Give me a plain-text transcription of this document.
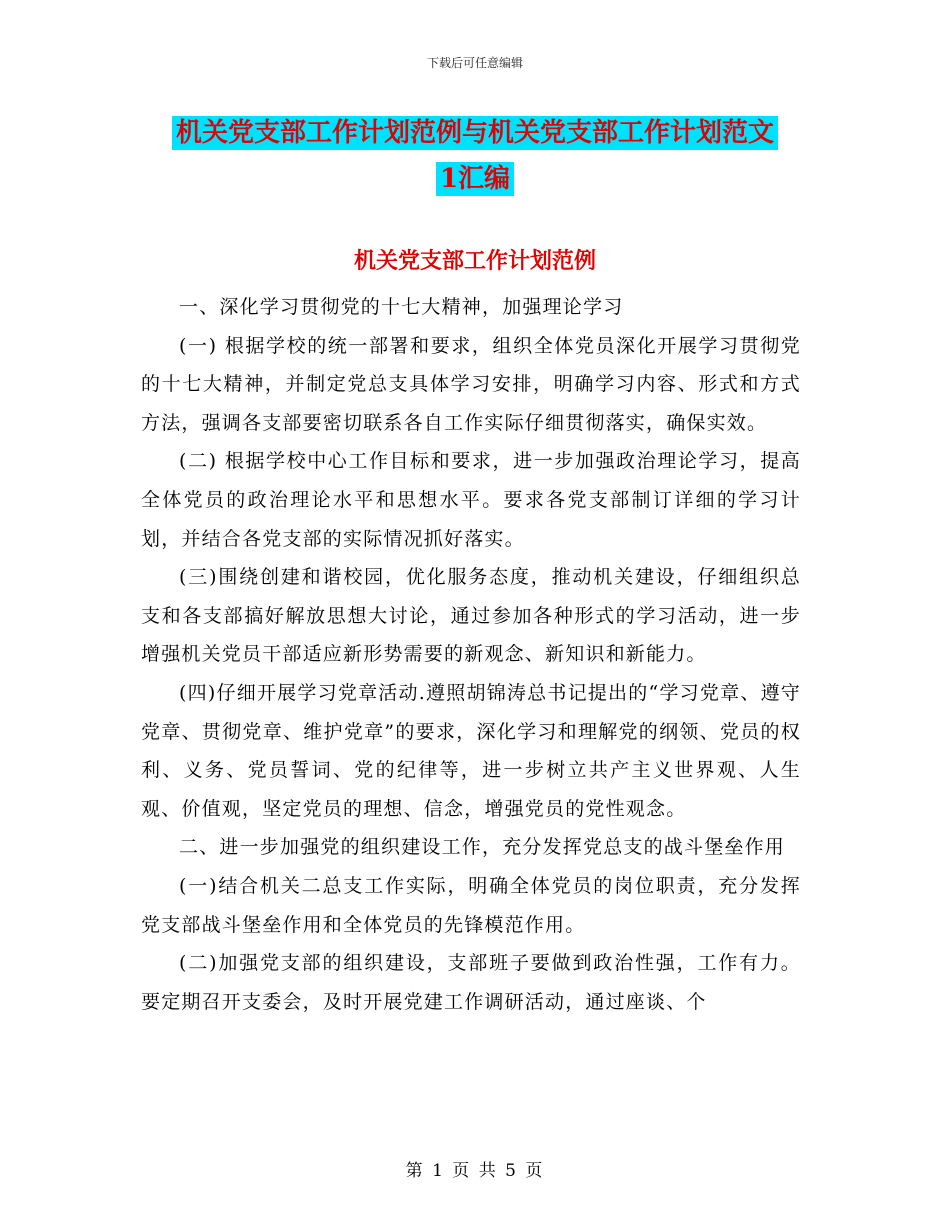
下载后可任意编辑
机关党支部工作计划范例与机关党支部工作计划范文
1汇编
机关党支部工作计划范例

一、深化学习贯彻党的十七大精神，加强理论学习

(一) 根据学校的统一部署和要求，组织全体党员深化开展学习贯彻党的十七大精神，并制定党总支具体学习安排，明确学习内容、形式和方式方法，强调各支部要密切联系各自工作实际仔细贯彻落实，确保实效。

(二) 根据学校中心工作目标和要求，进一步加强政治理论学习，提高全体党员的政治理论水平和思想水平。要求各党支部制订详细的学习计划，并结合各党支部的实际情况抓好落实。

(三)围绕创建和谐校园，优化服务态度，推动机关建设，仔细组织总支和各支部搞好解放思想大讨论，通过参加各种形式的学习活动，进一步增强机关党员干部适应新形势需要的新观念、新知识和新能力。

(四)仔细开展学习党章活动.遵照胡锦涛总书记提出的“学习党章、遵守党章、贯彻党章、维护党章”的要求，深化学习和理解党的纲领、党员的权利、义务、党员誓词、党的纪律等，进一步树立共产主义世界观、人生观、价值观，坚定党员的理想、信念，增强党员的党性观念。

二、进一步加强党的组织建设工作，充分发挥党总支的战斗堡垒作用

(一)结合机关二总支工作实际，明确全体党员的岗位职责，充分发挥党支部战斗堡垒作用和全体党员的先锋模范作用。

(二)加强党支部的组织建设，支部班子要做到政治性强，工作有力。要定期召开支委会，及时开展党建工作调研活动，通过座谈、个

第 1 页 共 5 页
